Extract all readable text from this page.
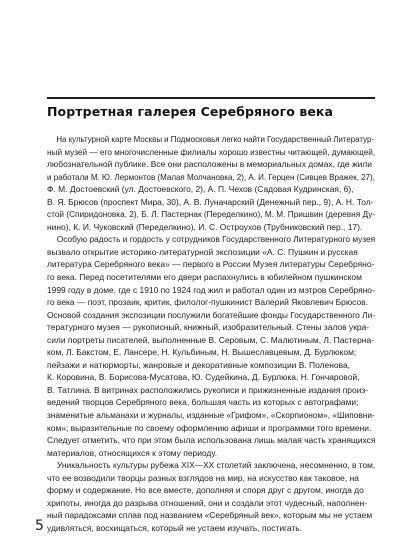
Портретная галерея Серебряного века

На культурной карте Москвы и Подмосковья легко найти Государственный Литератур-
ный музей — его многочисленные филиалы хорошо известны читающей, думающей,
любознательной публике. Все они расположены в мемориальных домах, где жили
и работали М. Ю. Лермонтов (Малая Молчановка, 2), А. И. Герцен (Сивцев Вражек, 27),
Ф. М. Достоевский (ул. Достоевского, 2), А. П. Чехов (Садовая Кудринская, 6),
В. Я. Брюсов (проспект Мира, 30), А. В. Луначарский (Денежный пер., 9), А. Н. Тол-
стой (Спиридоновка, 2), Б. Л. Пастернак (Переделкино), М. М. Пришвин (деревня Ду-
нино), К. И. Чуковский (Переделкино), И. С. Остроухов (Трубниковский пер., 17).

Особую радость и гордость у сотрудников Государственного Литературного музея
вызвало открытие историко-литературной экспозиции «А. С. Пушкин и русская
литература Серебряного века» — первого в России Музея литературы Серебряно-
го века. Перед посетителями его двери распахнулись в юбилейном пушкинском
1999 году в доме, где с 1910 по 1924 год жил и работал один из мэтров Серебряно-
го века — поэт, прозаик, критик, филолог-пушкинист Валерий Яковлевич Брюсов.
Основой создания экспозиции послужили богатейшие фонды Государственного Ли-
тературного музея — рукописный, книжный, изобразительный. Стены залов укра-
сили портреты писателей, выполненные В. Серовым, С. Малютиным, Л. Пастерна-
ком, Л. Бакстом, Е. Лансере, Н. Кульбиным, Н. Вышеславцевым, Д. Бурлюком;
пейзажи и натюрморты, жанровые и декоративные композиции В. Поленова,
К. Коровина, В. Борисова-Мусатова, Ю. Судейкина, Д. Бурлюка, Н. Гончаровой,
В. Татлина. В витринах расположились рукописи и прижизненные издания произ-
ведений творцов Серебряного века, большая часть из которых с автографами;
знаменитые альманахи и журналы, изданные «Грифом», «Скорпионом», «Шиповни-
ком»; выразительные по своему оформлению афиши и программки того времени.
Следует отметить, что при этом была использована лишь малая часть хранящихся
материалов, относящихся к этому периоду.

Уникальность культуры рубежа XIX—XX столетий заключена, несомненно, в том,
что ее возводили творцы разных взглядов на мир, на искусство как таковое, на
форму и содержание. Но все вместе, дополняя и споря друг с другом, иногда до
хрипоты, иногда до разрыва отношений, они и создали этот чудесный, наполнен-
ный парадоксами сплав под названием «Серебряный век», которым мы не устаем
удивляться, восхищаться, который не устаем изучать, постигать.

5
